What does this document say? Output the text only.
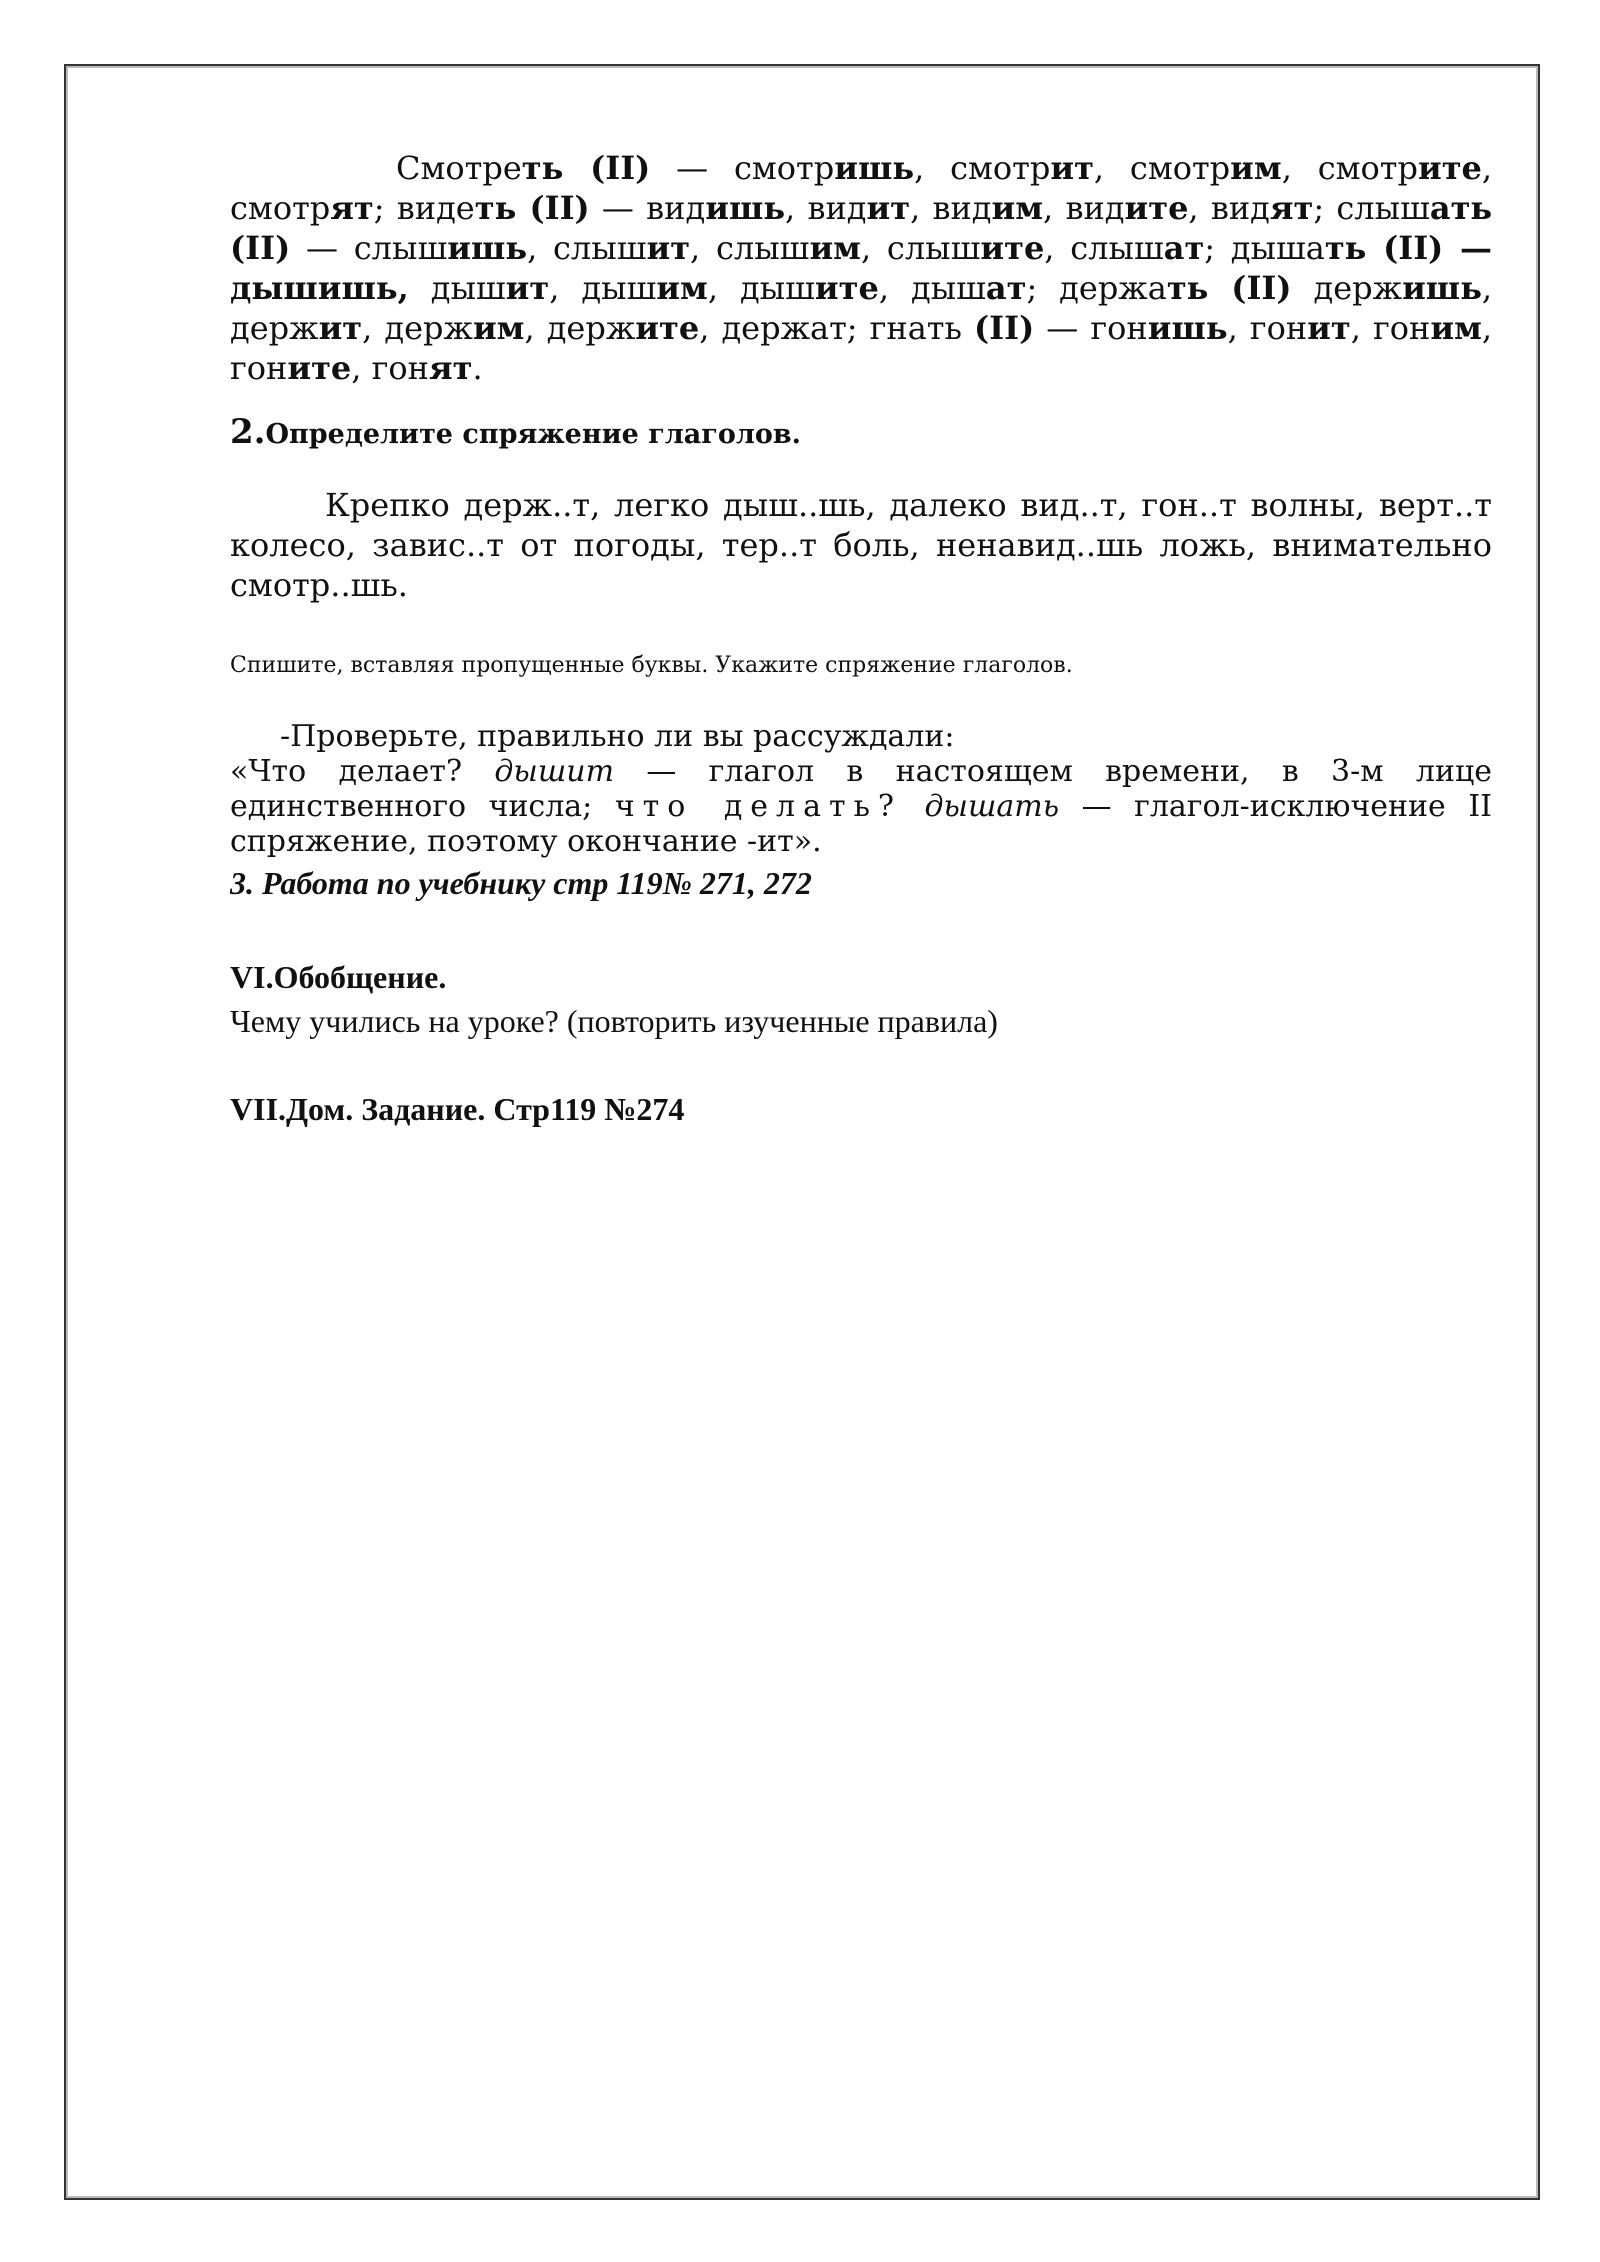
Смотреть (II) — смотришь, смотрит, смотрим, смотрите, смотрят; видеть (II) — видишь, видит, видим, видите, видят; слышать (II) — слышишь, слышит, слышим, слышите, слышат; дышать (II) — дышишь, дышит, дышим, дышите, дышат; держать (II) держишь, держит, держим, держите, держат; гнать (II) — гонишь, гонит, гоним, гоните, гонят.

2.Определите спряжение глаголов.

Крепко держ..т, легко дыш..шь, далеко вид..т, гон..т волны, верт..т колесо, завис..т от погоды, тер..т боль, ненавид..шь ложь, внимательно смотр..шь.

Спишите, вставляя пропущенные буквы. Укажите спряжение глаголов.

-Проверьте, правильно ли вы рассуждали:
«Что делает? дышит — глагол в настоящем времени, в 3-м лице единственного числа; что делать? дышать — глагол-исключение II спряжение, поэтому окончание -ит».

3. Работа по учебнику стр 119№ 271, 272

VI.Обобщение.

Чему учились на уроке? (повторить изученные правила)

VII.Дом. Задание. Стр119 №274
